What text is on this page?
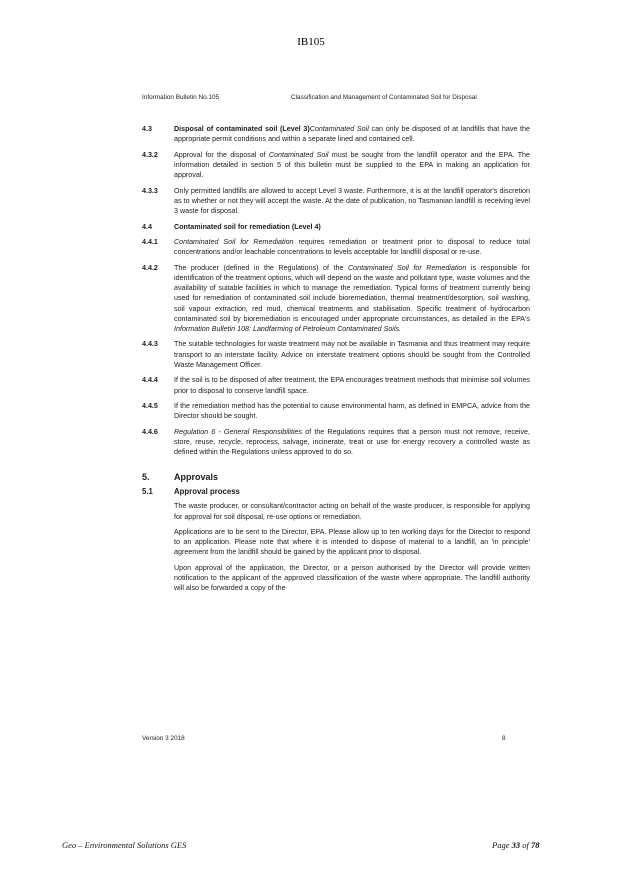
IB105
Information Bulletin No.105	Classification and Management of Contaminated Soil for Disposal
4.3	Disposal of contaminated soil (Level 3)Contaminated Soil can only be disposed of at landfills that have the appropriate permit conditions and within a separate lined and contained cell.
4.3.2 Approval for the disposal of Contaminated Soil must be sought from the landfill operator and the EPA. The information detailed in section 5 of this bulletin must be supplied to the EPA in making an application for approval.
4.3.3 Only permitted landfills are allowed to accept Level 3 waste. Furthermore, it is at the landfill operator's discretion as to whether or not they will accept the waste. At the date of publication, no Tasmanian landfill is receiving level 3 waste for disposal.
4.4	Contaminated soil for remediation (Level 4)
4.4.1 Contaminated Soil for Remediation requires remediation or treatment prior to disposal to reduce total concentrations and/or leachable concentrations to levels acceptable for landfill disposal or re-use.
4.4.2 The producer (defined in the Regulations) of the Contaminated Soil for Remediation is responsible for identification of the treatment options, which will depend on the waste and pollutant type, waste volumes and the availability of suitable facilities in which to manage the remediation. Typical forms of treatment currently being used for remediation of contaminated soil include bioremediation, thermal treatment/desorption, soil washing, soil vapour extraction, red mud, chemical treatments and stabilisation. Specific treatment of hydrocarbon contaminated soil by bioremediation is encouraged under appropriate circumstances, as detailed in the EPA's Information Bulletin 108: Landfarming of Petroleum Contaminated Soils.
4.4.3 The suitable technologies for waste treatment may not be available in Tasmania and thus treatment may require transport to an interstate facility. Advice on interstate treatment options should be sought from the Controlled Waste Management Officer.
4.4.4 If the soil is to be disposed of after treatment, the EPA encourages treatment methods that minimise soil volumes prior to disposal to conserve landfill space.
4.4.5 If the remediation method has the potential to cause environmental harm, as defined in EMPCA, advice from the Director should be sought.
4.4.6 Regulation 6 - General Responsibilities of the Regulations requires that a person must not remove, receive, store, reuse, recycle, reprocess, salvage, incinerate, treat or use for energy recovery a controlled waste as defined within the Regulations unless approved to do so.
5.	Approvals
5.1	Approval process
The waste producer, or consultant/contractor acting on behalf of the waste producer, is responsible for applying for approval for soil disposal, re-use options or remediation.
Applications are to be sent to the Director, EPA. Please allow up to ten working days for the Director to respond to an application. Please note that where it is intended to dispose of material to a landfill, an 'in principle' agreement from the landfill should be gained by the applicant prior to disposal.
Upon approval of the application, the Director, or a person authorised by the Director will provide written notification to the applicant of the approved classification of the waste where appropriate. The landfill authority will also be forwarded a copy of the
Version 3 2018	8
Geo – Environmental Solutions GES	Page 33 of 78
